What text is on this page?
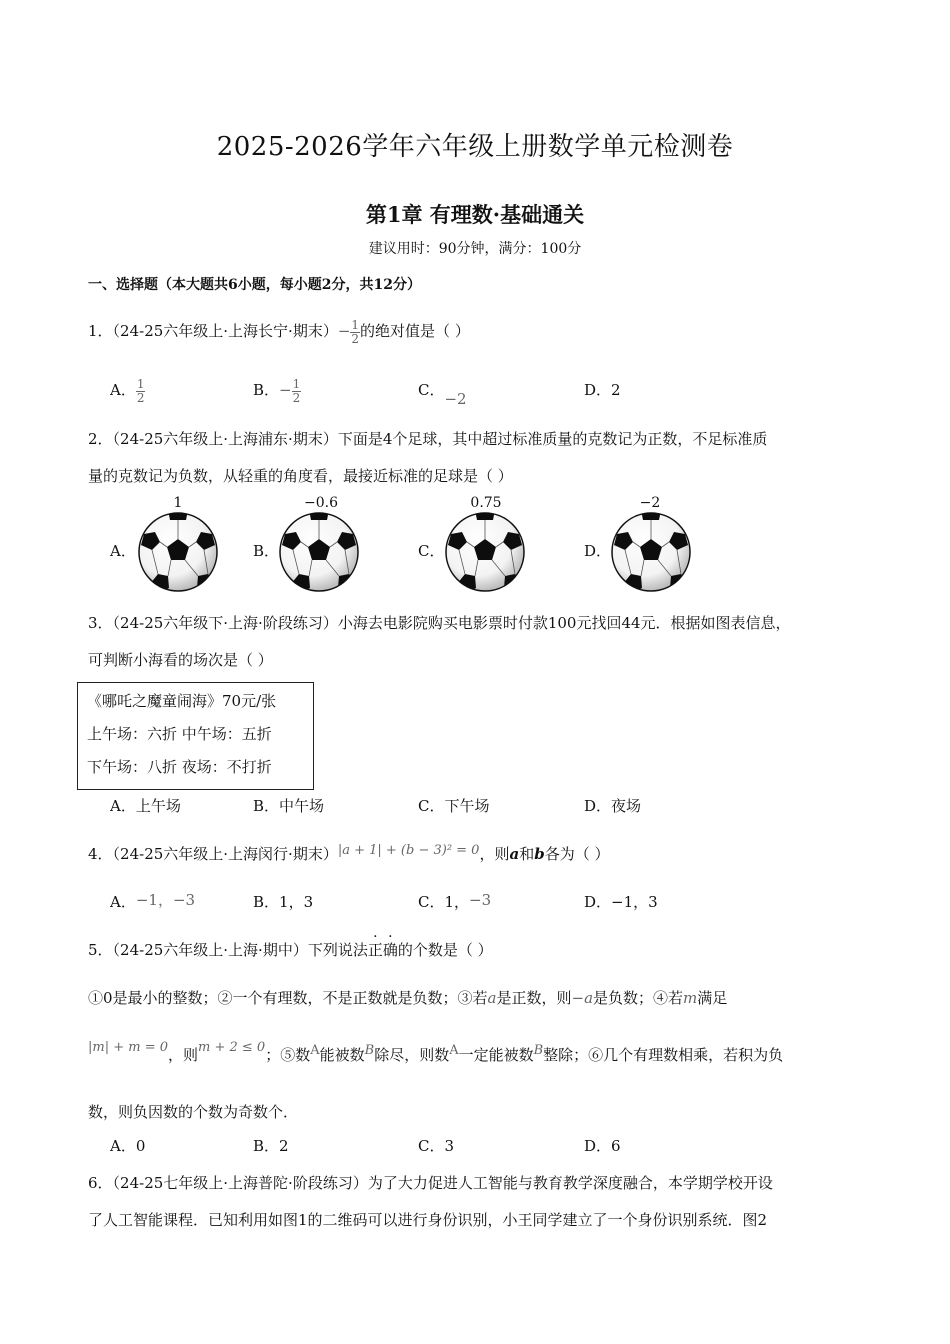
2025-2026学年六年级上册数学单元检测卷
第1章 有理数·基础通关
建议用时：90分钟，满分：100分
一、选择题（本大题共6小题，每小题2分，共12分）
1．（24-25六年级上·上海长宁·期末）− $\frac{1}{2}$ 的绝对值是（ ）
A． $\frac{1}{2}$	B．− $\frac{1}{2}$	C．−2	D．2
2．（24-25六年级上·上海浦东·期末）下面是4个足球，其中超过标准质量的克数记为正数，不足标准质
量的克数记为负数，从轻重的角度看，最接近标准的足球是（ ）
A．
1
B．
−0.6
C．
0.75
D．
−2
3．（24-25六年级下·上海·阶段练习）小海去电影院购买电影票时付款100元找回44元．根据如图表信息，
可判断小海看的场次是（ ）
《哪吒之魔童闹海》70元/张
上午场：六折 中午场：五折
下午场：八折 夜场：不打折
A．上午场	B．中午场	C．下午场	D．夜场
4．（24-25六年级上·上海闵行·期末）|a + 1| + (b − 3)² = 0，则a和b各为（ ）
A．−1，−3	B．1，3	C．1，−3	D．−1，3
5．（24-25六年级上·上海·期中）下列说法正确的个数是（ ）
①0是最小的整数；②一个有理数，不是正数就是负数；③若a是正数，则−a是负数；④若m满足
|m| + m = 0，则m + 2 ≤ 0；⑤数A能被数B除尽，则数A一定能被数B整除；⑥几个有理数相乘，若积为负
数，则负因数的个数为奇数个．
A．0	B．2	C．3	D．6
6．（24-25七年级上·上海普陀·阶段练习）为了大力促进人工智能与教育教学深度融合，本学期学校开设
了人工智能课程．已知利用如图1的二维码可以进行身份识别，小王同学建立了一个身份识别系统．图2
